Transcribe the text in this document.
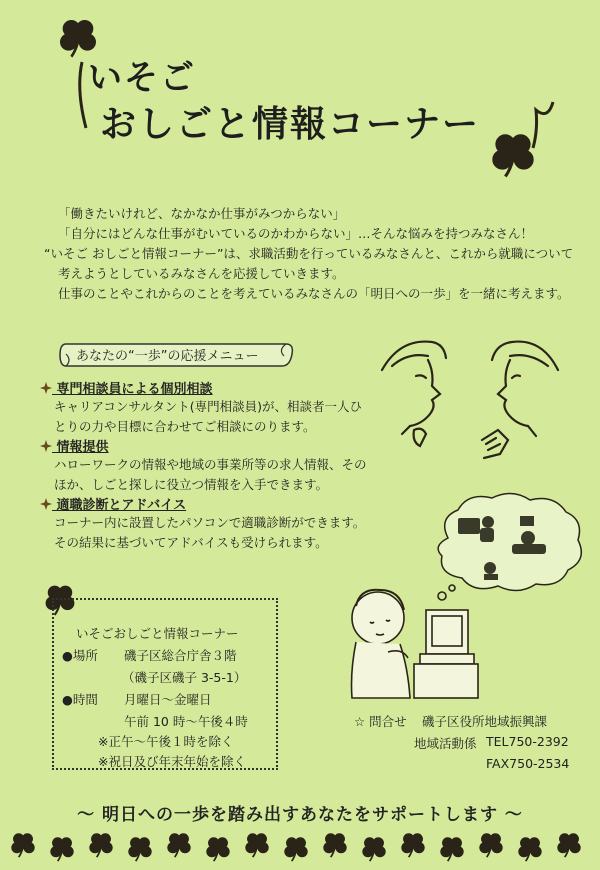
いそご
おしごと情報コーナー

「働きたいけれど、なかなか仕事がみつからない」

「自分にはどんな仕事がむいているのかわからない」…そんな悩みを持つみなさん！

“いそご おしごと情報コーナー”は、求職活動を行っているみなさんと、これから就職について

考えようとしているみなさんを応援していきます。

仕事のことやこれからのことを考えているみなさんの「明日への一歩」を一緒に考えます。

あなたの“一歩”の応援メニュー
専門相談員による個別相談
キャリアコンサルタント(専門相談員)が、相談者一人ひ
とりの力や目標に合わせてご相談にのります。
情報提供
ハローワークの情報や地域の事業所等の求人情報、その
ほか、しごと探しに役立つ情報を入手できます。
適職診断とアドバイス
コーナー内に設置したパソコンで適職診断ができます。
その結果に基づいてアドバイスも受けられます。
いそごおしごと情報コーナー
●場所 磯子区総合庁舎３階
（磯子区磯子 3-5-1）
●時間 月曜日～金曜日
午前 10 時～午後４時
※正午～午後１時を除く
※祝日及び年末年始を除く
☆ 問合せ 磯子区役所地域振興課
地域活動係 TEL750-2392
FAX750-2534
～ 明日への一歩を踏み出すあなたをサポートします ～
